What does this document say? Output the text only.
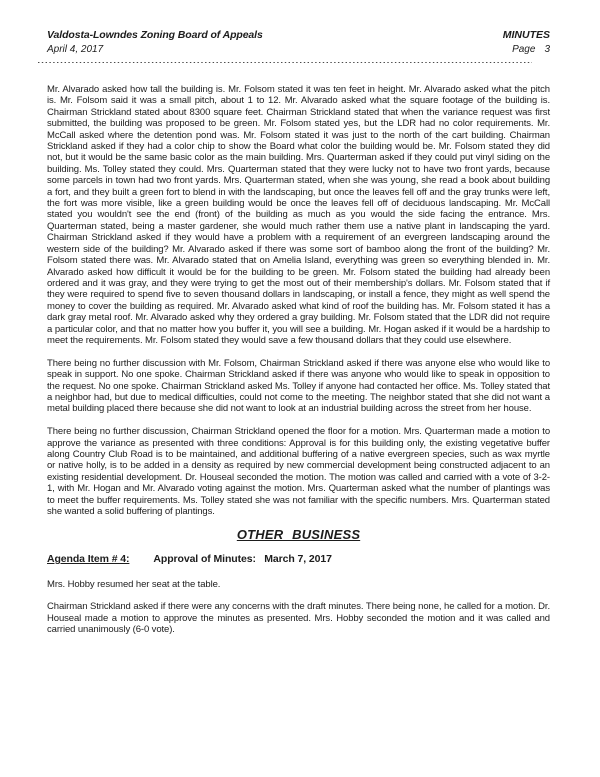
Valdosta-Lowndes Zoning Board of Appeals
April 4, 2017
MINUTES
Page 3

Mr. Alvarado asked how tall the building is. Mr. Folsom stated it was ten feet in height. Mr. Alvarado asked what the pitch is. Mr. Folsom said it was a small pitch, about 1 to 12. Mr. Alvarado asked what the square footage of the building is. Chairman Strickland stated about 8300 square feet. Chairman Strickland stated that when the variance request was first submitted, the building was proposed to be green. Mr. Folsom stated yes, but the LDR had no color requirements. Mr. McCall asked where the detention pond was. Mr. Folsom stated it was just to the north of the cart building. Chairman Strickland asked if they had a color chip to show the Board what color the building would be. Mr. Folsom stated they did not, but it would be the same basic color as the main building. Mrs. Quarterman asked if they could put vinyl siding on the building. Ms. Tolley stated they could. Mrs. Quarterman stated that they were lucky not to have two front yards, because some parcels in town had two front yards. Mrs. Quarterman stated, when she was young, she read a book about building a fort, and they built a green fort to blend in with the landscaping, but once the leaves fell off and the gray trunks were left, the fort was more visible, like a green building would be once the leaves fell off of deciduous landscaping. Mr. McCall stated you wouldn't see the end (front) of the building as much as you would the side facing the entrance. Mrs. Quarterman stated, being a master gardener, she would much rather them use a native plant in landscaping the yard. Chairman Strickland asked if they would have a problem with a requirement of an evergreen landscaping around the western side of the building? Mr. Alvarado asked if there was some sort of bamboo along the front of the building? Mr. Folsom stated there was. Mr. Alvarado stated that on Amelia Island, everything was green so everything blended in. Mr. Alvarado asked how difficult it would be for the building to be green. Mr. Folsom stated the building had already been ordered and it was gray, and they were trying to get the most out of their membership's dollars. Mr. Folsom stated that if they were required to spend five to seven thousand dollars in landscaping, or install a fence, they might as well spend the money to cover the building as required. Mr. Alvarado asked what kind of roof the building has. Mr. Folsom stated it has a dark gray metal roof. Mr. Alvarado asked why they ordered a gray building. Mr. Folsom stated that the LDR did not require a particular color, and that no matter how you buffer it, you will see a building. Mr. Hogan asked if it would be a hardship to meet the requirements. Mr. Folsom stated they would save a few thousand dollars that they could use elsewhere.

There being no further discussion with Mr. Folsom, Chairman Strickland asked if there was anyone else who would like to speak in support. No one spoke. Chairman Strickland asked if there was anyone who would like to speak in opposition to the request. No one spoke. Chairman Strickland asked Ms. Tolley if anyone had contacted her office. Ms. Tolley stated that a neighbor had, but due to medical difficulties, could not come to the meeting. The neighbor stated that she did not want a metal building placed there because she did not want to look at an industrial building across the street from her house.

There being no further discussion, Chairman Strickland opened the floor for a motion. Mrs. Quarterman made a motion to approve the variance as presented with three conditions: Approval is for this building only, the existing vegetative buffer along Country Club Road is to be maintained, and additional buffering of a native evergreen species, such as wax myrtle or native holly, is to be added in a density as required by new commercial development being constructed adjacent to an existing residential development. Dr. Houseal seconded the motion. The motion was called and carried with a vote of 3-2-1, with Mr. Hogan and Mr. Alvarado voting against the motion. Mrs. Quarterman asked what the number of plantings was to meet the buffer requirements. Ms. Tolley stated she was not familiar with the specific numbers. Mrs. Quarterman stated she wanted a solid buffering of plantings.

OTHER BUSINESS
Agenda Item # 4: Approval of Minutes:   March 7, 2017

Mrs. Hobby resumed her seat at the table.

Chairman Strickland asked if there were any concerns with the draft minutes. There being none, he called for a motion. Dr. Houseal made a motion to approve the minutes as presented. Mrs. Hobby seconded the motion and it was called and carried unanimously (6-0 vote).
